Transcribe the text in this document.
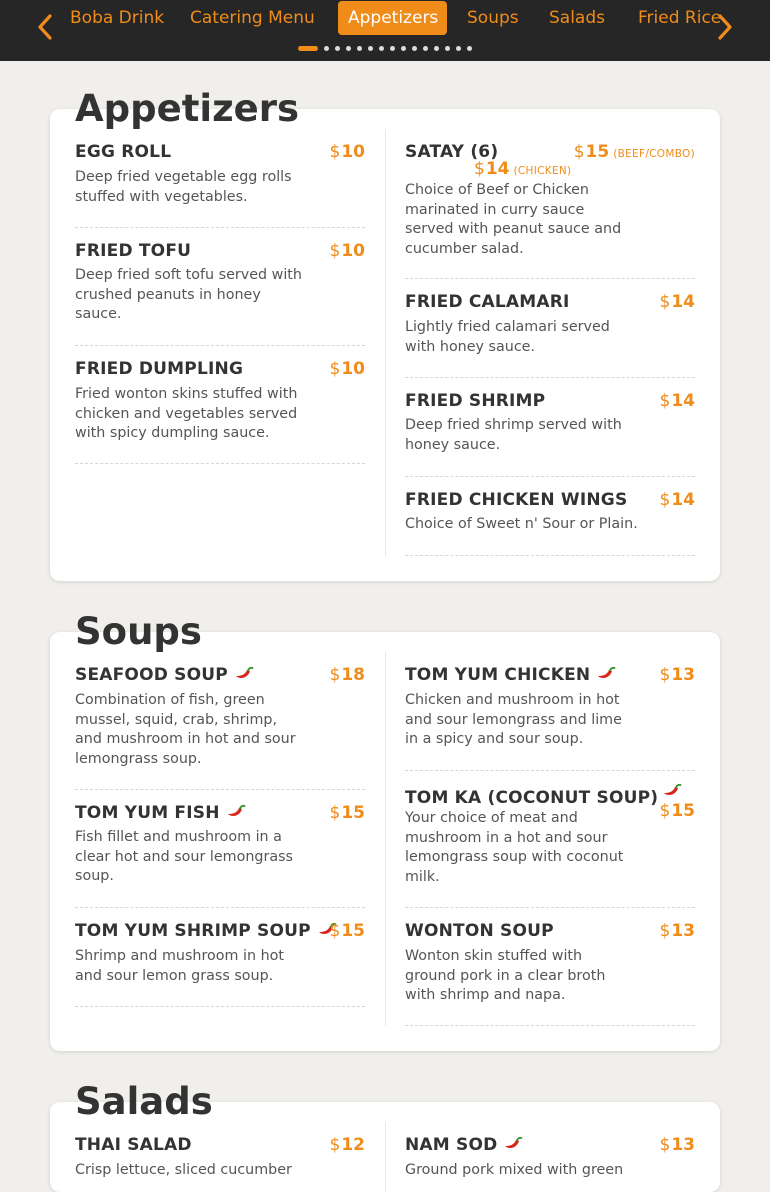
Boba Drink	Catering Menu	Appetizers	Soups	Salads	Fried Rice
Appetizers
EGG ROLL	$10
Deep fried vegetable egg rolls stuffed with vegetables.
FRIED TOFU	$10
Deep fried soft tofu served with crushed peanuts in honey sauce.
FRIED DUMPLING	$10
Fried wonton skins stuffed with chicken and vegetables served with spicy dumpling sauce.
SATAY (6)	$15 (BEEF/COMBO)
$14 (CHICKEN)
Choice of Beef or Chicken marinated in curry sauce served with peanut sauce and cucumber salad.
FRIED CALAMARI	$14
Lightly fried calamari served with honey sauce.
FRIED SHRIMP	$14
Deep fried shrimp served with honey sauce.
FRIED CHICKEN WINGS $14
Choice of Sweet n' Sour or Plain.
Soups
SEAFOOD SOUP	$18
Combination of fish, green mussel, squid, crab, shrimp, and mushroom in hot and sour lemongrass soup.
TOM YUM FISH	$15
Fish fillet and mushroom in a clear hot and sour lemongrass soup.
TOM YUM SHRIMP SOUP	$15
Shrimp and mushroom in hot and sour lemon grass soup.
TOM YUM CHICKEN	$13
Chicken and mushroom in hot and sour lemongrass and lime in a spicy and sour soup.
TOM KA (COCONUT SOUP)
$15
Your choice of meat and mushroom in a hot and sour lemongrass soup with coconut milk.
WONTON SOUP	$13
Wonton skin stuffed with ground pork in a clear broth with shrimp and napa.
Salads
THAI SALAD	$12
Crisp lettuce, sliced cucumber
NAM SOD	$13
Ground pork mixed with green
